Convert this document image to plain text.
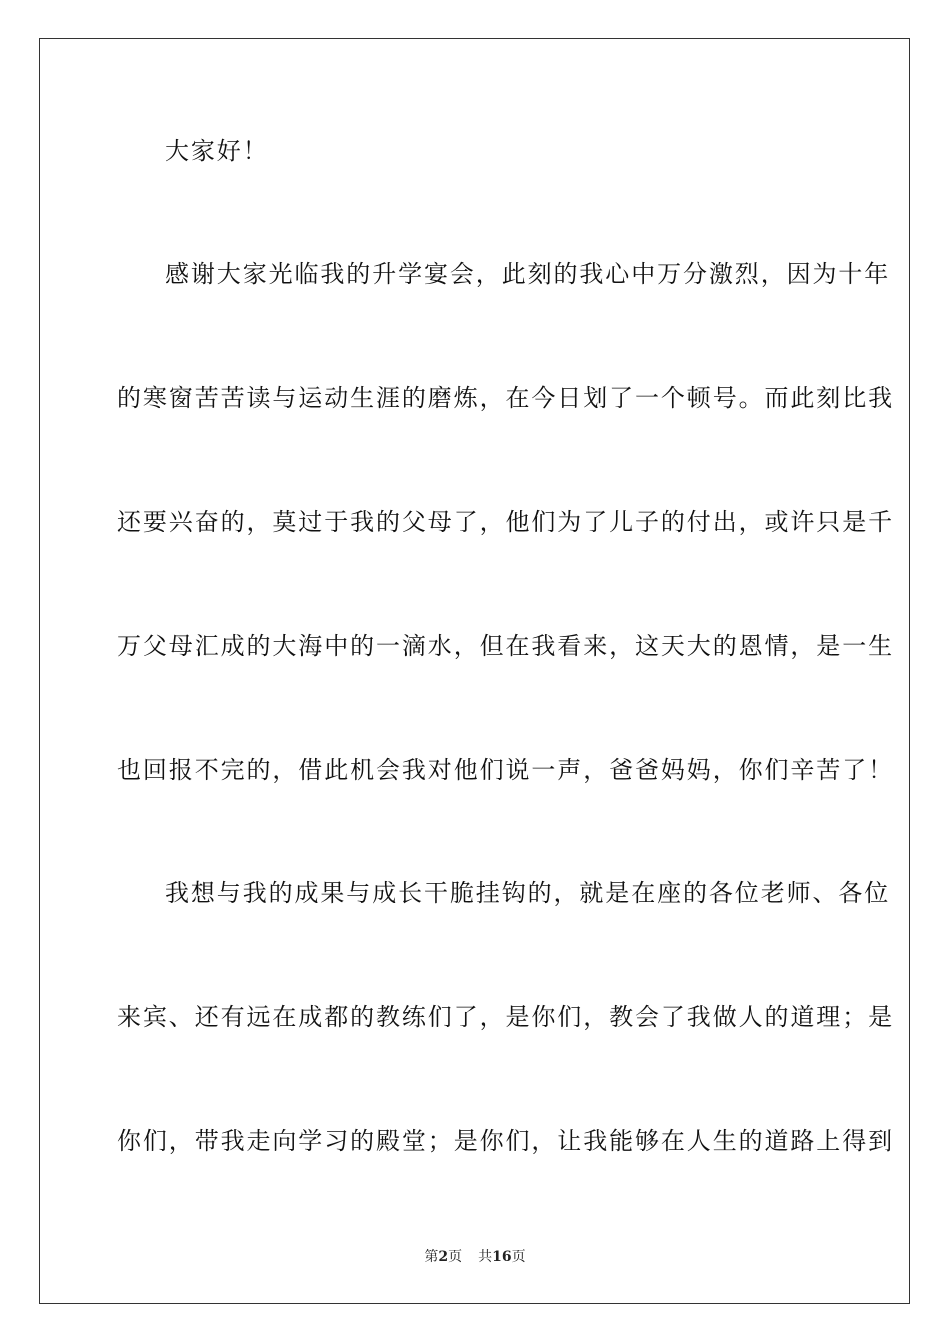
大家好！
感谢大家光临我的升学宴会，此刻的我心中万分激烈，因为十年
的寒窗苦苦读与运动生涯的磨炼，在今日划了一个顿号。而此刻比我
还要兴奋的，莫过于我的父母了，他们为了儿子的付出，或许只是千
万父母汇成的大海中的一滴水，但在我看来，这天大的恩情，是一生
也回报不完的，借此机会我对他们说一声，爸爸妈妈，你们辛苦了！
我想与我的成果与成长干脆挂钩的，就是在座的各位老师、各位
来宾、还有远在成都的教练们了，是你们，教会了我做人的道理；是
你们，带我走向学习的殿堂；是你们，让我能够在人生的道路上得到
第2页 共16页
